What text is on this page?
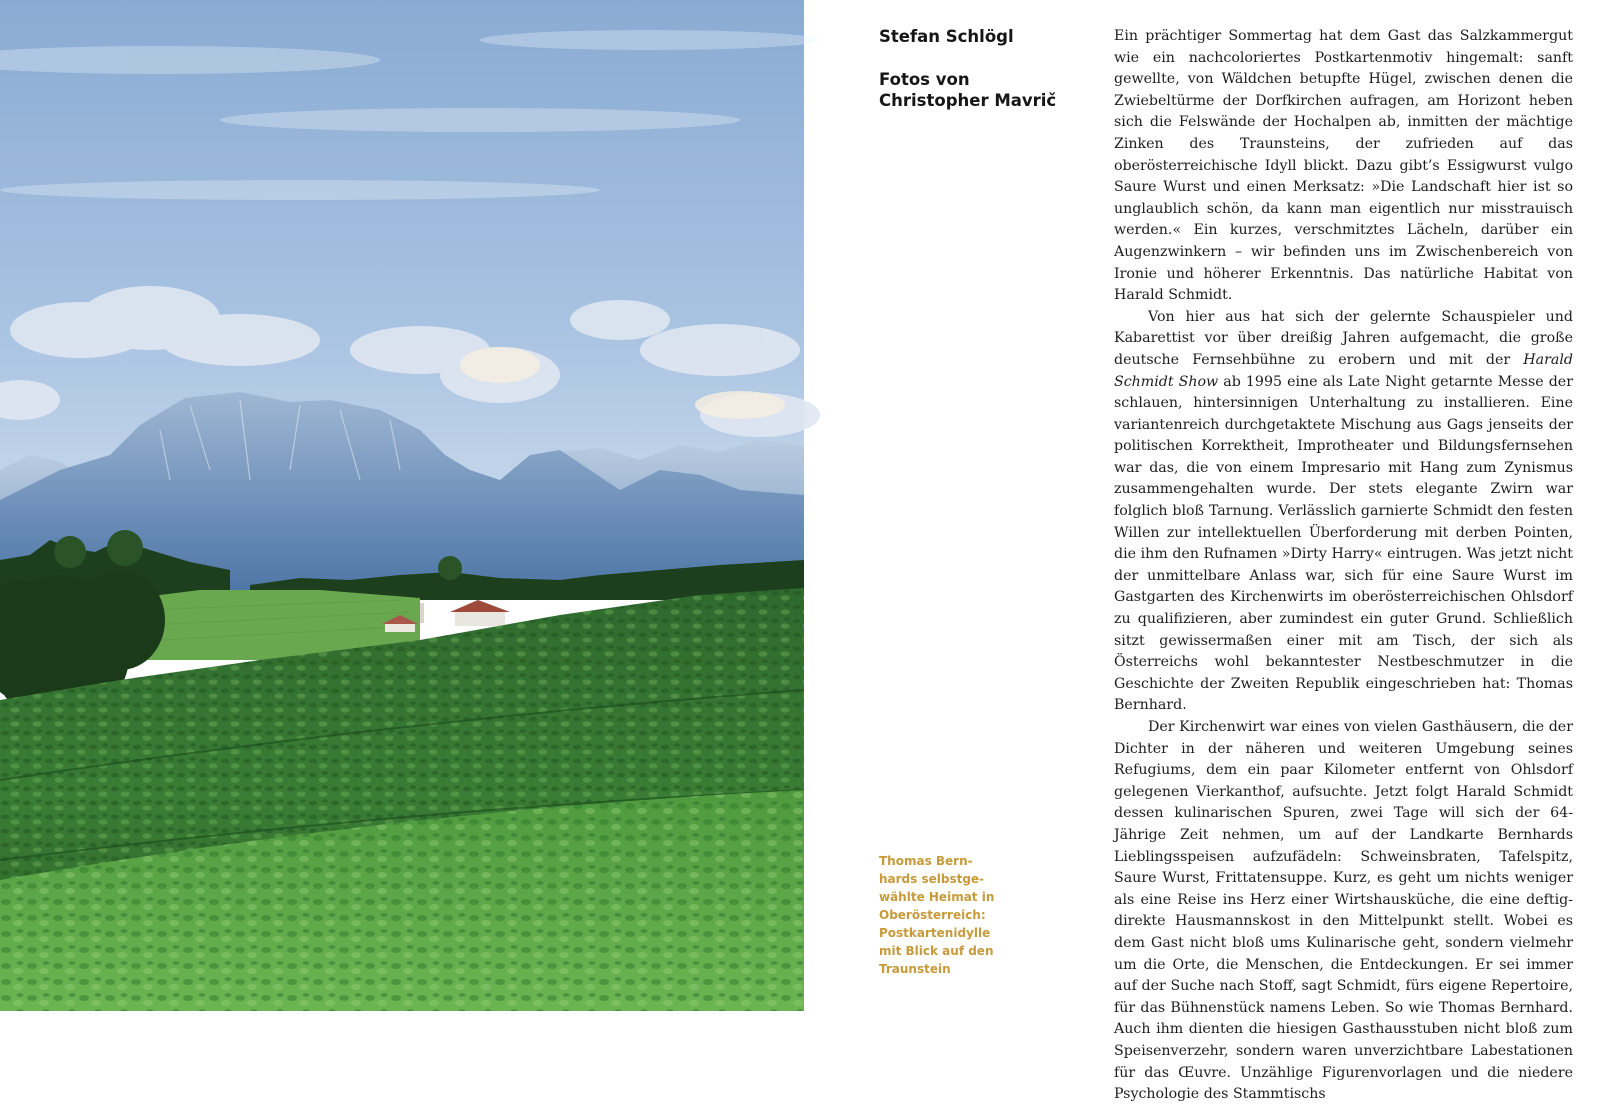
Stefan Schlögl

Fotos von
Christopher Mavrič

Thomas Bern-
hards selbstge-
wählte Heimat in
Oberösterreich:
Postkartenidylle
mit Blick auf den
Traunstein

Ein prächtiger Sommertag hat dem Gast das Salzkammergut wie ein nachcoloriertes Postkartenmotiv hingemalt: sanft gewellte, von Wäldchen betupfte Hügel, zwischen denen die Zwiebeltürme der Dorfkirchen aufragen, am Horizont heben sich die Felswände der Hochalpen ab, inmitten der mächtige Zinken des Traunsteins, der zufrieden auf das oberösterreichische Idyll blickt. Dazu gibt’s Essigwurst vulgo Saure Wurst und einen Merksatz: »Die Landschaft hier ist so unglaublich schön, da kann man eigentlich nur misstrauisch werden.« Ein kurzes, verschmitztes Lächeln, darüber ein Augenzwinkern – wir befinden uns im Zwischenbereich von Ironie und höherer Erkenntnis. Das natürliche Habitat von Harald Schmidt.

Von hier aus hat sich der gelernte Schauspieler und Kabarettist vor über dreißig Jahren aufgemacht, die große deutsche Fernsehbühne zu erobern und mit der Harald Schmidt Show ab 1995 eine als Late Night getarnte Messe der schlauen, hintersinnigen Unterhaltung zu installieren. Eine variantenreich durchgetaktete Mischung aus Gags jenseits der politischen Korrektheit, Improtheater und Bildungsfernsehen war das, die von einem Impresario mit Hang zum Zynismus zusammengehalten wurde. Der stets elegante Zwirn war folglich bloß Tarnung. Verlässlich garnierte Schmidt den festen Willen zur intellektuellen Überforderung mit derben Pointen, die ihm den Rufnamen »Dirty Harry« eintrugen. Was jetzt nicht der unmittelbare Anlass war, sich für eine Saure Wurst im Gastgarten des Kirchenwirts im oberösterreichischen Ohlsdorf zu qualifizieren, aber zumindest ein guter Grund. Schließlich sitzt gewissermaßen einer mit am Tisch, der sich als Österreichs wohl bekanntester Nestbeschmutzer in die Geschichte der Zweiten Republik eingeschrieben hat: Thomas Bernhard.

Der Kirchenwirt war eines von vielen Gasthäusern, die der Dichter in der näheren und weiteren Umgebung seines Refugiums, dem ein paar Kilometer entfernt von Ohlsdorf gelegenen Vierkanthof, aufsuchte. Jetzt folgt Harald Schmidt dessen kulinarischen Spuren, zwei Tage will sich der 64-Jährige Zeit nehmen, um auf der Landkarte Bernhards Lieblingsspeisen aufzufädeln: Schweinsbraten, Tafelspitz, Saure Wurst, Frittatensuppe. Kurz, es geht um nichts weniger als eine Reise ins Herz einer Wirtshausküche, die eine deftig-direkte Hausmannskost in den Mittelpunkt stellt. Wobei es dem Gast nicht bloß ums Kulinarische geht, sondern vielmehr um die Orte, die Menschen, die Entdeckungen. Er sei immer auf der Suche nach Stoff, sagt Schmidt, fürs eigene Repertoire, für das Bühnenstück namens Leben. So wie Thomas Bernhard. Auch ihm dienten die hiesigen Gasthausstuben nicht bloß zum Speisenverzehr, sondern waren unverzichtbare Labestationen für das Œuvre. Unzählige Figurenvorlagen und die niedere Psychologie des Stammtischs
